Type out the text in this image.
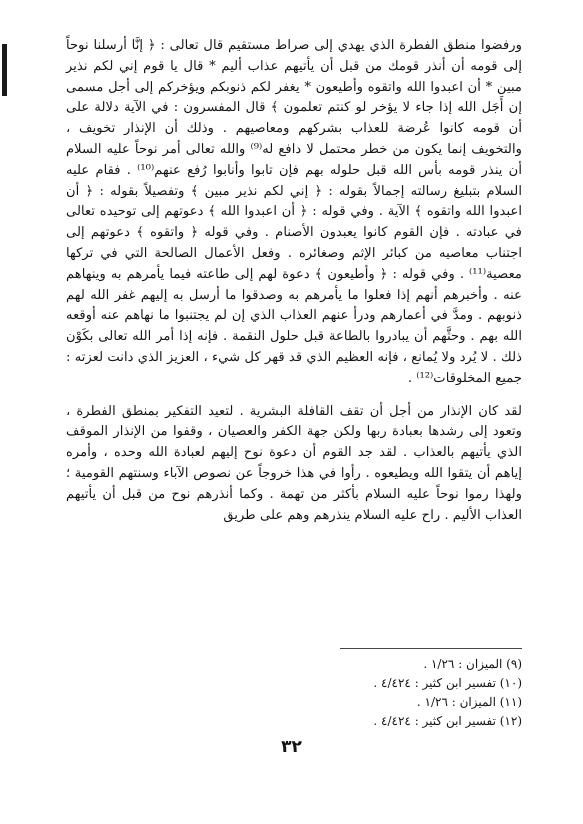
ورفضوا منطق الفطرة الذي يهدي إلى صراط مستقيم قال تعالى : ﴿ إنَّا أرسلنا نوحاً إلى قومه أن أنذر قومك من قبل أن يأتيهم عذاب أليم * قال يا قوم إني لكم نذير مبين * أن اعبدوا الله واتقوه وأطيعون * يغفر لكم ذنوبكم ويؤخركم إلى أجل مسمى إن أَجَل الله إذا جاء لا يؤخر لو كنتم تعلمون ﴾ قال المفسرون : في الآية دلالة على أن قومه كانوا عُرضة للعذاب بشركهم ومعاصيهم . وذلك أن الإنذار تخويف ، والتخويف إنما يكون من خطر محتمل لا دافع له⁽⁹⁾ والله تعالى أمر نوحاً عليه السلام أن ينذر قومه بأس الله قبل حلوله بهم فإن تابوا وأنابوا رُفع عنهم⁽¹⁰⁾ . فقام عليه السلام بتبليغ رسالته إجمالاً بقوله : ﴿ إني لكم نذير مبين ﴾ وتفصيلاً بقوله : ﴿ أن اعبدوا الله واتقوه ﴾ الآية . وفي قوله : ﴿ أن اعبدوا الله ﴾ دعوتهم إلى توحيده تعالى في عبادته . فإن القوم كانوا يعبدون الأصنام . وفي قوله ﴿ واتقوه ﴾ دعوتهم إلى اجتناب معاصيه من كبائر الإثم وصغائره . وفعل الأعمال الصالحة التي في تركها معصية⁽¹¹⁾ . وفي قوله : ﴿ وأطيعون ﴾ دعوة لهم إلى طاعته فيما يأمرهم به وينهاهم عنه . وأخبرهم أنهم إذا فعلوا ما يأمرهم به وصدقوا ما أرسل به إليهم غفر الله لهم ذنوبهم . ومدَّ في أعمارهم ودرأ عنهم العذاب الذي إن لم يجتنبوا ما نهاهم عنه أوقعه الله بهم . وحثَّهم أن يبادروا بالطاعة قبل حلول النقمة . فإنه إذا أمر الله تعالى بكَوْن ذلك . لا يُرد ولا يُمانع ، فإنه العظيم الذي قد قهر كل شيء ، العزيز الذي دانت لعزته : جميع المخلوقات⁽¹²⁾ .

لقد كان الإنذار من أجل أن تقف القافلة البشرية . لتعيد التفكير بمنطق الفطرة ، وتعود إلى رشدها بعبادة ربها ولكن جهة الكفر والعصيان ، وقفوا من الإنذار الموقف الذي يأتيهم بالعذاب . لقد جد القوم أن دعوة نوح إليهم لعبادة الله وحده ، وأمره إياهم أن يتقوا الله ويطيعوه . رأوا في هذا خروجاً عن نصوص الآباء وسنتهم القومية ؛ ولهذا رموا نوحاً عليه السلام بأكثر من تهمة . وكما أنذرهم نوح من قبل أن يأتيهم العذاب الأليم . راح عليه السلام ينذرهم وهم على طريق

(٩) الميزان : ١/٢٦ .
(١٠) تفسير ابن كثير : ٤/٤٢٤ .
(١١) الميزان : ١/٢٦ .
(١٢) تفسير ابن كثير : ٤/٤٢٤ .
٣٢
